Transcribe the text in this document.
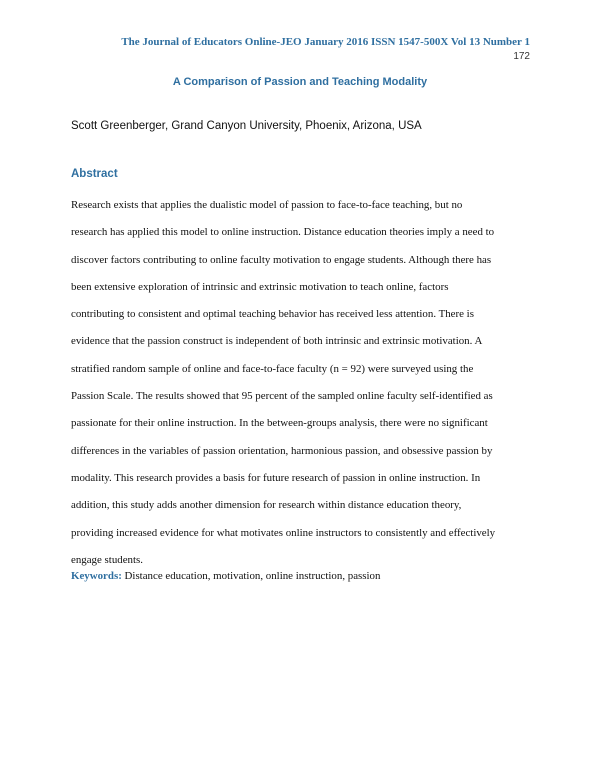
The Journal of Educators Online-JEO January 2016 ISSN 1547-500X Vol 13 Number 1
172
A Comparison of Passion and Teaching Modality
Scott Greenberger, Grand Canyon University, Phoenix, Arizona, USA
Abstract
Research exists that applies the dualistic model of passion to face-to-face teaching, but no
research has applied this model to online instruction. Distance education theories imply a need to
discover factors contributing to online faculty motivation to engage students. Although there has
been extensive exploration of intrinsic and extrinsic motivation to teach online, factors
contributing to consistent and optimal teaching behavior has received less attention. There is
evidence that the passion construct is independent of both intrinsic and extrinsic motivation. A
stratified random sample of online and face-to-face faculty (n = 92) were surveyed using the
Passion Scale. The results showed that 95 percent of the sampled online faculty self-identified as
passionate for their online instruction. In the between-groups analysis, there were no significant
differences in the variables of passion orientation, harmonious passion, and obsessive passion by
modality. This research provides a basis for future research of passion in online instruction. In
addition, this study adds another dimension for research within distance education theory,
providing increased evidence for what motivates online instructors to consistently and effectively
engage students.
Keywords: Distance education, motivation, online instruction, passion
